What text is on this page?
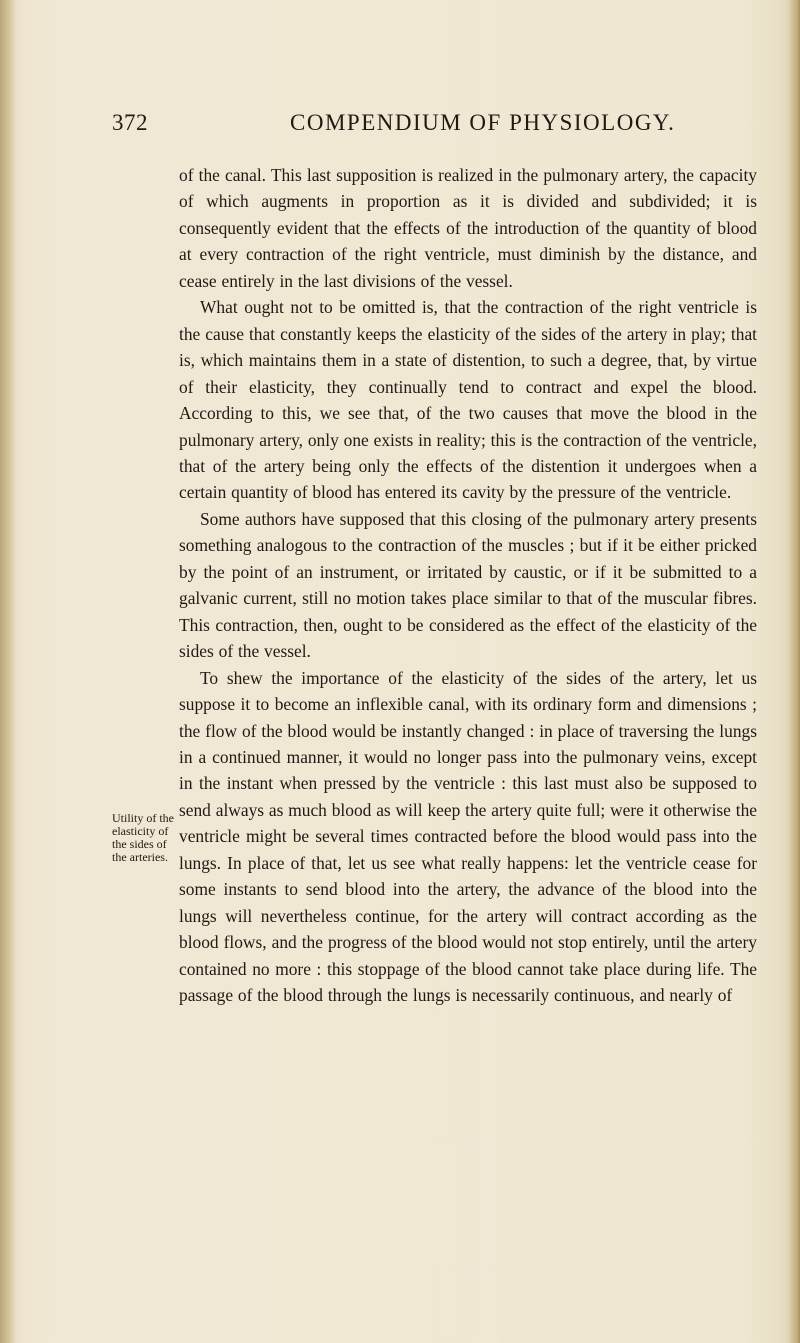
372	COMPENDIUM OF PHYSIOLOGY.
Utility of the
elasticity of
the sides of
the arteries.

of the canal. This last supposition is realized in the pulmonary artery, the capacity of which augments in proportion as it is divided and subdivided; it is consequently evident that the effects of the introduction of the quantity of blood at every contraction of the right ventricle, must diminish by the distance, and cease entirely in the last divisions of the vessel.

What ought not to be omitted is, that the contraction of the right ventricle is the cause that constantly keeps the elasticity of the sides of the artery in play; that is, which maintains them in a state of distention, to such a degree, that, by virtue of their elasticity, they continually tend to contract and expel the blood. According to this, we see that, of the two causes that move the blood in the pulmonary artery, only one exists in reality; this is the contraction of the ventricle, that of the artery being only the effects of the distention it undergoes when a certain quantity of blood has entered its cavity by the pressure of the ventricle.

Some authors have supposed that this closing of the pulmonary artery presents something analogous to the contraction of the muscles ; but if it be either pricked by the point of an instrument, or irritated by caustic, or if it be submitted to a galvanic current, still no motion takes place similar to that of the muscular fibres. This contraction, then, ought to be considered as the effect of the elasticity of the sides of the vessel.

To shew the importance of the elasticity of the sides of the artery, let us suppose it to become an inflexible canal, with its ordinary form and dimensions ; the flow of the blood would be instantly changed : in place of traversing the lungs in a continued manner, it would no longer pass into the pulmonary veins, except in the instant when pressed by the ventricle : this last must also be supposed to send always as much blood as will keep the artery quite full; were it otherwise the ventricle might be several times contracted before the blood would pass into the lungs. In place of that, let us see what really happens: let the ventricle cease for some instants to send blood into the artery, the advance of the blood into the lungs will nevertheless continue, for the artery will contract according as the blood flows, and the progress of the blood would not stop entirely, until the artery contained no more : this stoppage of the blood cannot take place during life. The passage of the blood through the lungs is necessarily continuous, and nearly of
